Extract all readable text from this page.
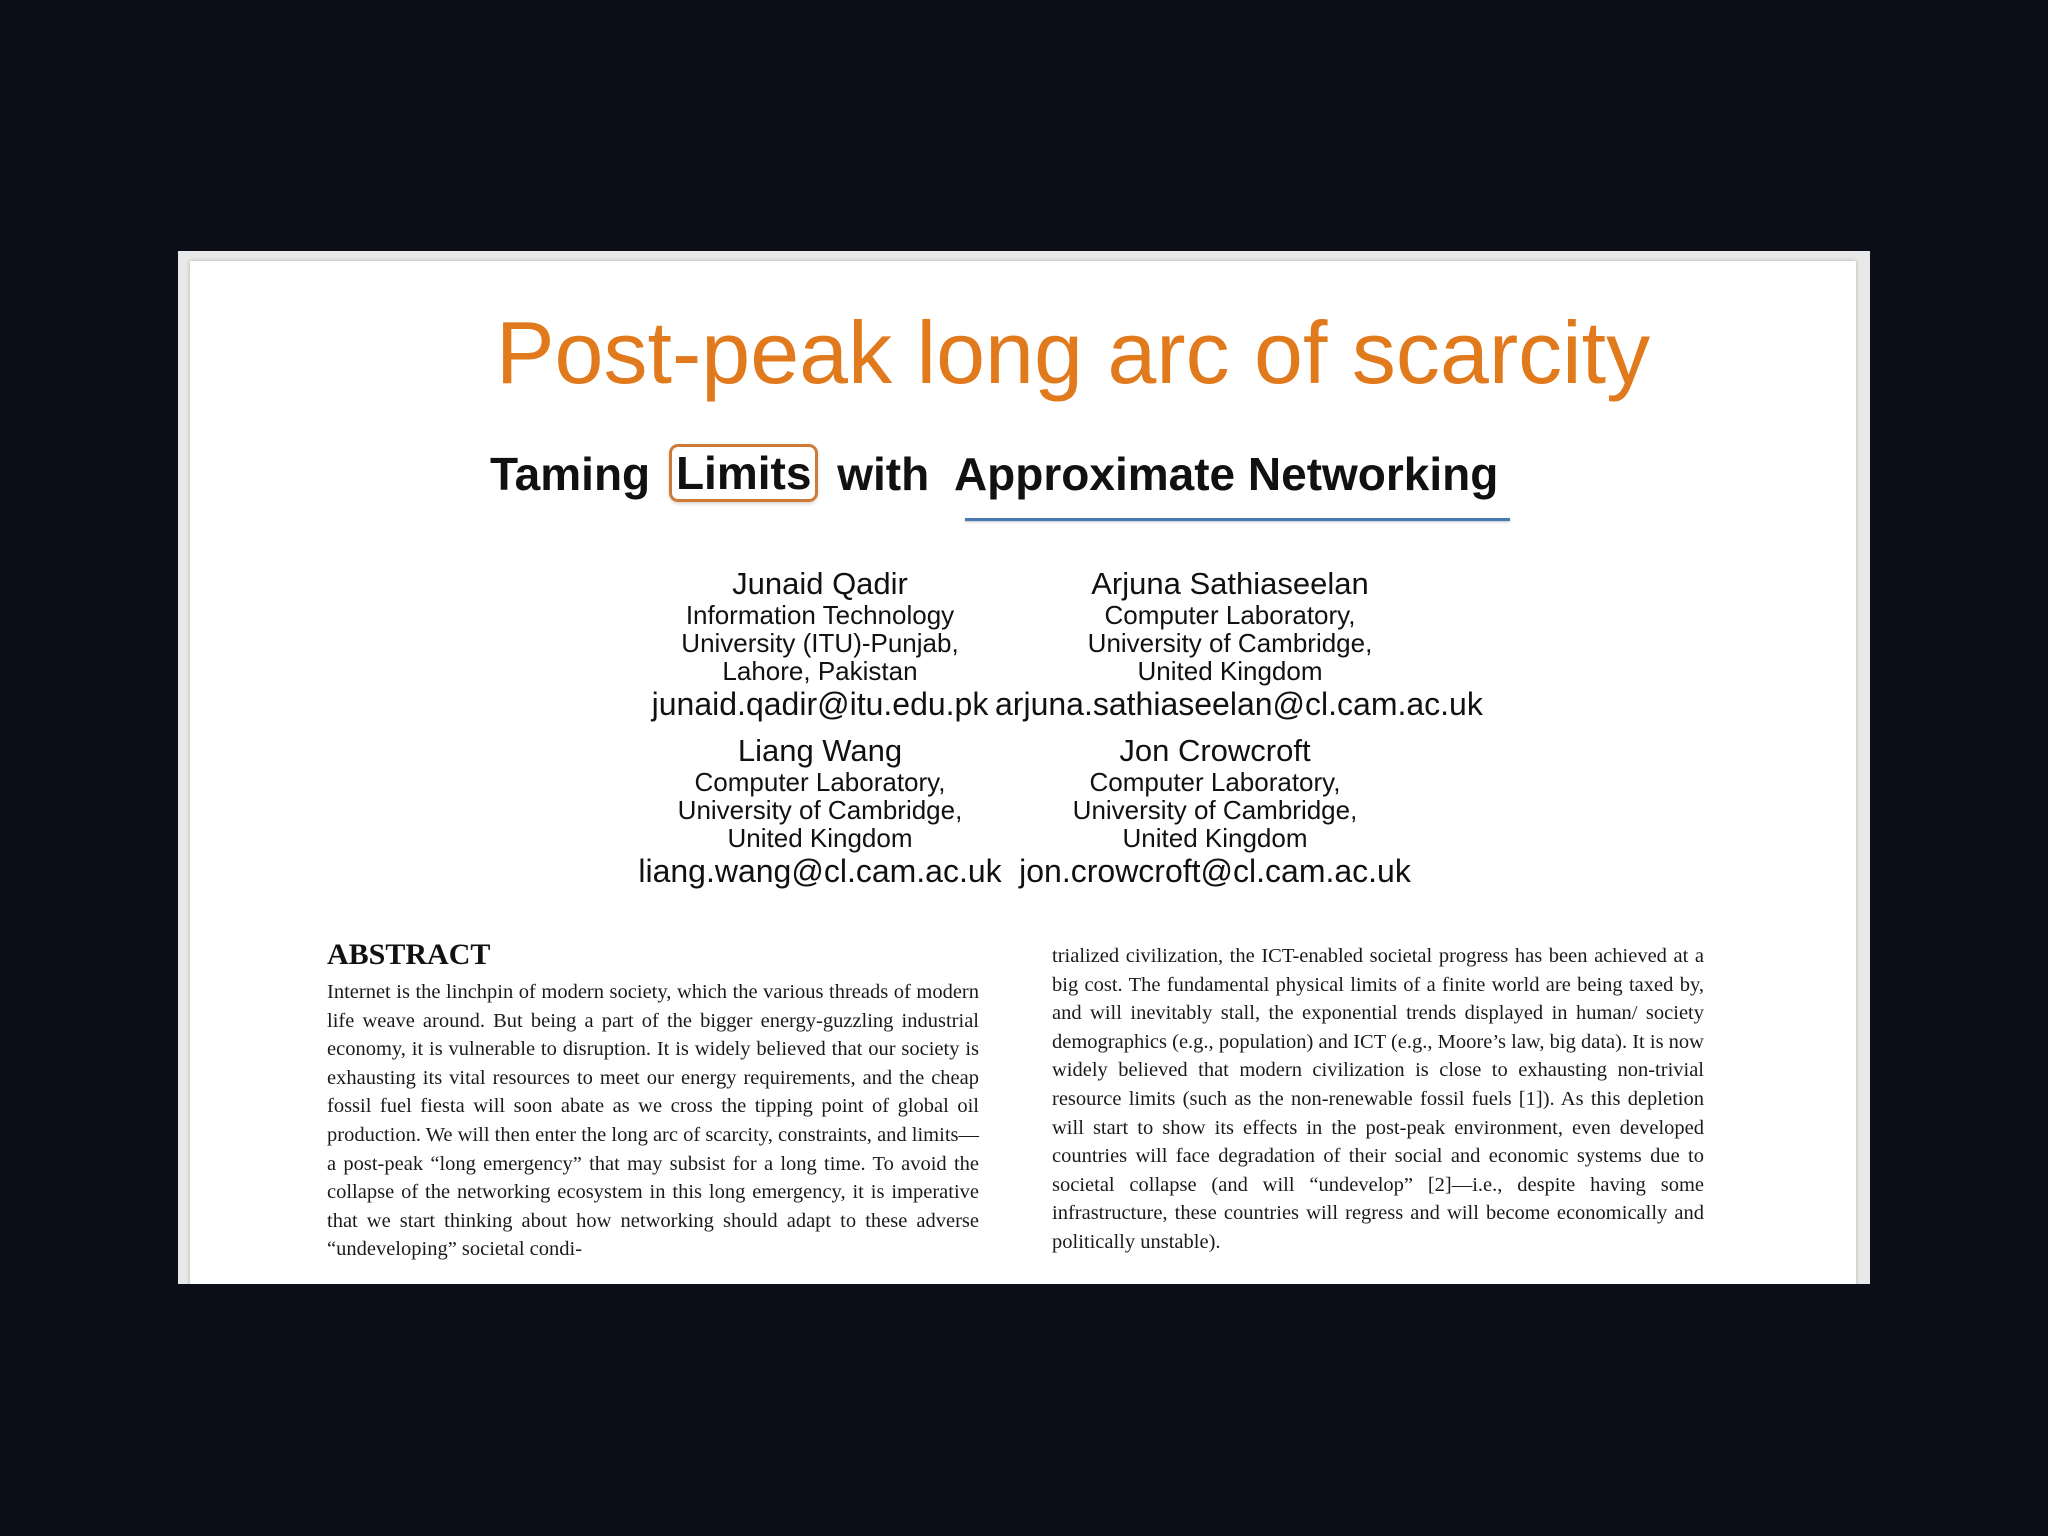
Post-peak long arc of scarcity
Taming Limits with Approximate Networking
Junaid Qadir
Information Technology
University (ITU)-Punjab,
Lahore, Pakistan
junaid.qadir@itu.edu.pk
Arjuna Sathiaseelan
Computer Laboratory,
University of Cambridge,
United Kingdom
arjuna.sathiaseelan@cl.cam.ac.uk
Liang Wang
Computer Laboratory,
University of Cambridge,
United Kingdom
liang.wang@cl.cam.ac.uk
Jon Crowcroft
Computer Laboratory,
University of Cambridge,
United Kingdom
jon.crowcroft@cl.cam.ac.uk
ABSTRACT
Internet is the linchpin of modern society, which the various threads of modern life weave around. But being a part of the bigger energy-guzzling industrial economy, it is vulnerable to disruption. It is widely believed that our society is exhausting its vital resources to meet our energy requirements, and the cheap fossil fuel fiesta will soon abate as we cross the tipping point of global oil production. We will then enter the long arc of scarcity, constraints, and limits—a post-peak “long emergency” that may subsist for a long time. To avoid the collapse of the networking ecosystem in this long emergency, it is imperative that we start thinking about how networking should adapt to these adverse “undeveloping” societal condi-
trialized civilization, the ICT-enabled societal progress has been achieved at a big cost. The fundamental physical limits of a finite world are being taxed by, and will inevitably stall, the exponential trends displayed in human/ society demographics (e.g., population) and ICT (e.g., Moore’s law, big data). It is now widely believed that modern civilization is close to exhausting non-trivial resource limits (such as the non-renewable fossil fuels [1]). As this depletion will start to show its effects in the post-peak environment, even developed countries will face degradation of their social and economic systems due to societal collapse (and will “undevelop” [2]—i.e., despite having some infrastructure, these countries will regress and will become economically and politically unstable).
